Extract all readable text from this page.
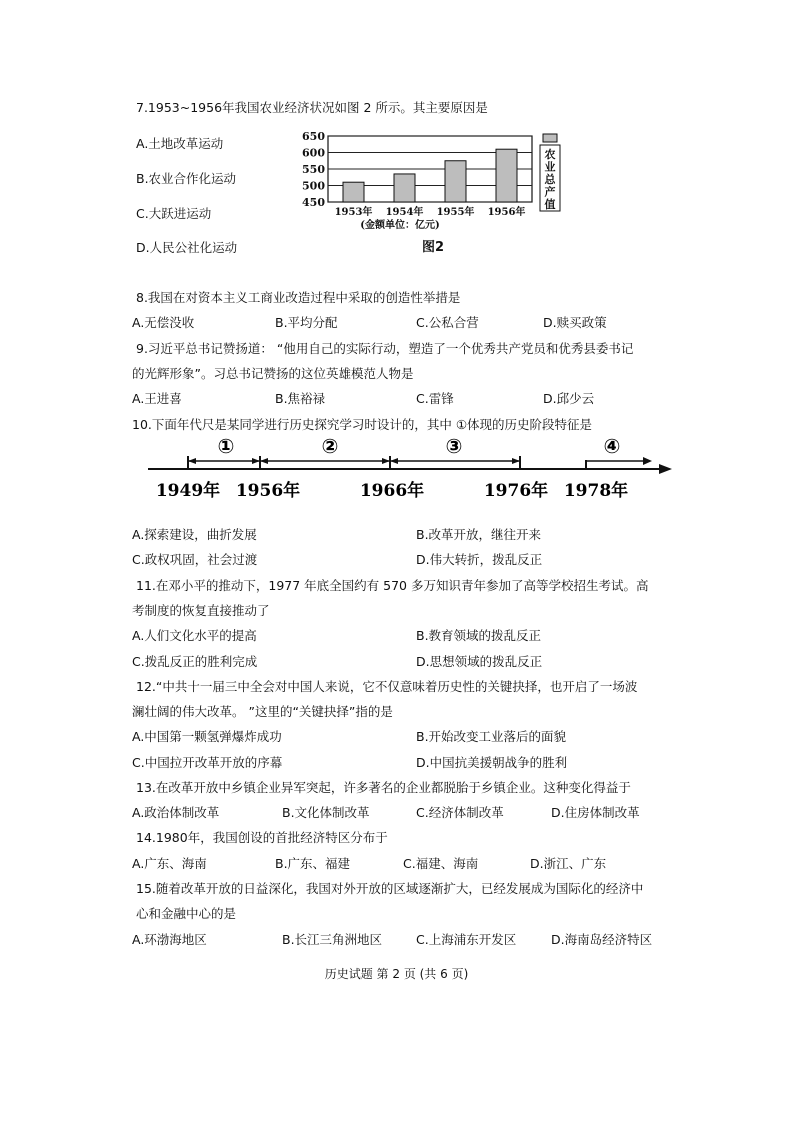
7.1953~1956年我国农业经济状况如图 2 所示。其主要原因是
A.土地改革运动
B.农业合作化运动
C.大跃进运动
D.人民公社化运动
650
600
550
500
450
1953年 1954年 1955年 1956年
(金额单位：亿元)
农
业
总
产
值
图2
8.我国在对资本主义工商业改造过程中采取的创造性举措是
A.无偿没收	B.平均分配	C.公私合营	D.赎买政策
9.习近平总书记赞扬道： “他用自己的实际行动，塑造了一个优秀共产党员和优秀县委书记
的光辉形象”。习总书记赞扬的这位英雄模范人物是
A.王进喜	B.焦裕禄	C.雷锋	D.邱少云
10.下面年代尺是某同学进行历史探究学习时设计的，其中 ①体现的历史阶段特征是
①	②	③	④
1949年 1956年	1966年	1976年 1978年
A.探索建设，曲折发展	B.改革开放，继往开来
C.政权巩固，社会过渡	D.伟大转折，拨乱反正
11.在邓小平的推动下，1977 年底全国约有 570 多万知识青年参加了高等学校招生考试。高
考制度的恢复直接推动了
A.人们文化水平的提高	B.教育领域的拨乱反正
C.拨乱反正的胜利完成	D.思想领域的拨乱反正
12.“中共十一届三中全会对中国人来说，它不仅意味着历史性的关键抉择，也开启了一场波
澜壮阔的伟大改革。 ”这里的“关键抉择”指的是
A.中国第一颗氢弹爆炸成功	B.开始改变工业落后的面貌
C.中国拉开改革开放的序幕	D.中国抗美援朝战争的胜利
13.在改革开放中乡镇企业异军突起，许多著名的企业都脱胎于乡镇企业。这种变化得益于
A.政治体制改革	B.文化体制改革	C.经济体制改革	D.住房体制改革
14.1980年，我国创设的首批经济特区分布于
A.广东、海南	B.广东、福建	C.福建、海南	D.浙江、广东
15.随着改革开放的日益深化，我国对外开放的区域逐渐扩大，已经发展成为国际化的经济中
心和金融中心的是
A.环渤海地区	B.长江三角洲地区	C.上海浦东开发区	D.海南岛经济特区
历史试题 第 2 页 (共 6 页)
